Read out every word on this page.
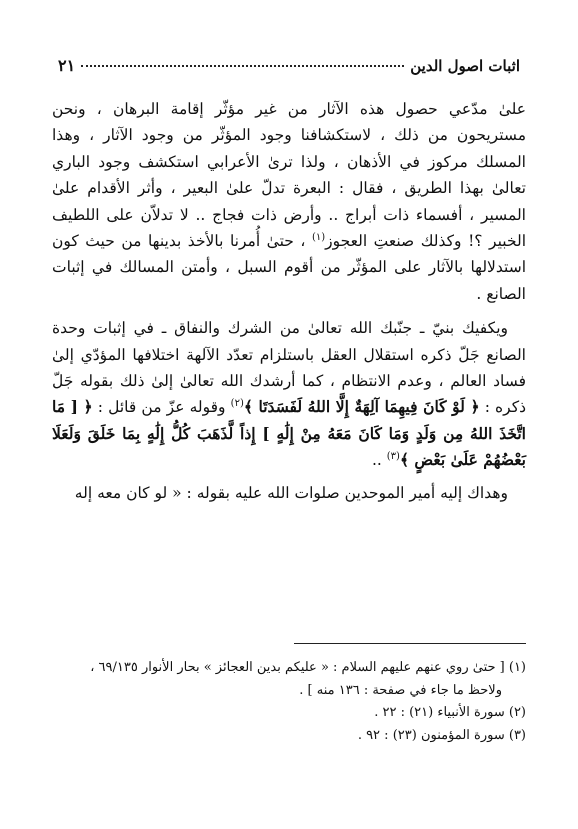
اثبات اصول الدين
٢١

علىٰ مدّعي حصول هذه الآثار من غير مؤثّر إقامة البرهان ، ونحن مستريحون من ذلك ، لاستكشافنا وجود المؤثّر من وجود الآثار ، وهذا المسلك مركوز في الأذهان ، ولذا ترىٰ الأعرابي استكشف وجود الباري تعالىٰ بهذا الطريق ، فقال : البعرة تدلّ علىٰ البعير ، وأثر الأقدام علىٰ المسير ، أفسماء ذات أبراج .. وأرض ذات فجاج .. لا تدلاّن على اللطيف الخبير ؟! وكذلك صنعتِ العجوز$^{(١)}$ ، حتىٰ أُمرنا بالأخذ بدينها من حيث كون استدلالها بالآثار على المؤثّر من أقوم السبل ، وأمتن المسالك في إثبات الصانع .

ويكفيك بنيّ ـ جنّبك الله تعالىٰ من الشرك والنفاق ـ في إثبات وحدة الصانع جَلّ ذكره استقلال العقل باستلزام تعدّد الآلهة اختلافها المؤدّي إلىٰ فساد العالم ، وعدم الانتظام ، كما أرشدك الله تعالىٰ إلىٰ ذلك بقوله جَلّ ذكره : ﴿ لَوْ كَانَ فِيهِمَا آلِهَةٌ إِلَّا اللهُ لَفَسَدَتَا ﴾$^{(٢)}$ وقوله عزّ من قائل : ﴿ [ مَا اتَّخَذَ اللهُ مِن وَلَدٍ وَمَا كَانَ مَعَهُ مِنْ إِلَٰهٍ ] إِذاً لَّذَهَبَ كُلُّ إِلَٰهٍ بِمَا خَلَقَ وَلَعَلَا بَعْضُهُمْ عَلَىٰ بَعْضٍ ﴾$^{(٣)}$ ..

وهداك إليه أمير الموحدين صلوات الله عليه بقوله : « لو كان معه إله

(١) [ حتىٰ روي عنهم عليهم السلام : « عليكم بدين العجائز » بحار الأنوار ٦٩/١٣٥ ،

ولاحظ ما جاء في صفحة : ١٣٦ منه ] .

(٢) سورة الأنبياء (٢١) : ٢٢ .

(٣) سورة المؤمنون (٢٣) : ٩٢ .
